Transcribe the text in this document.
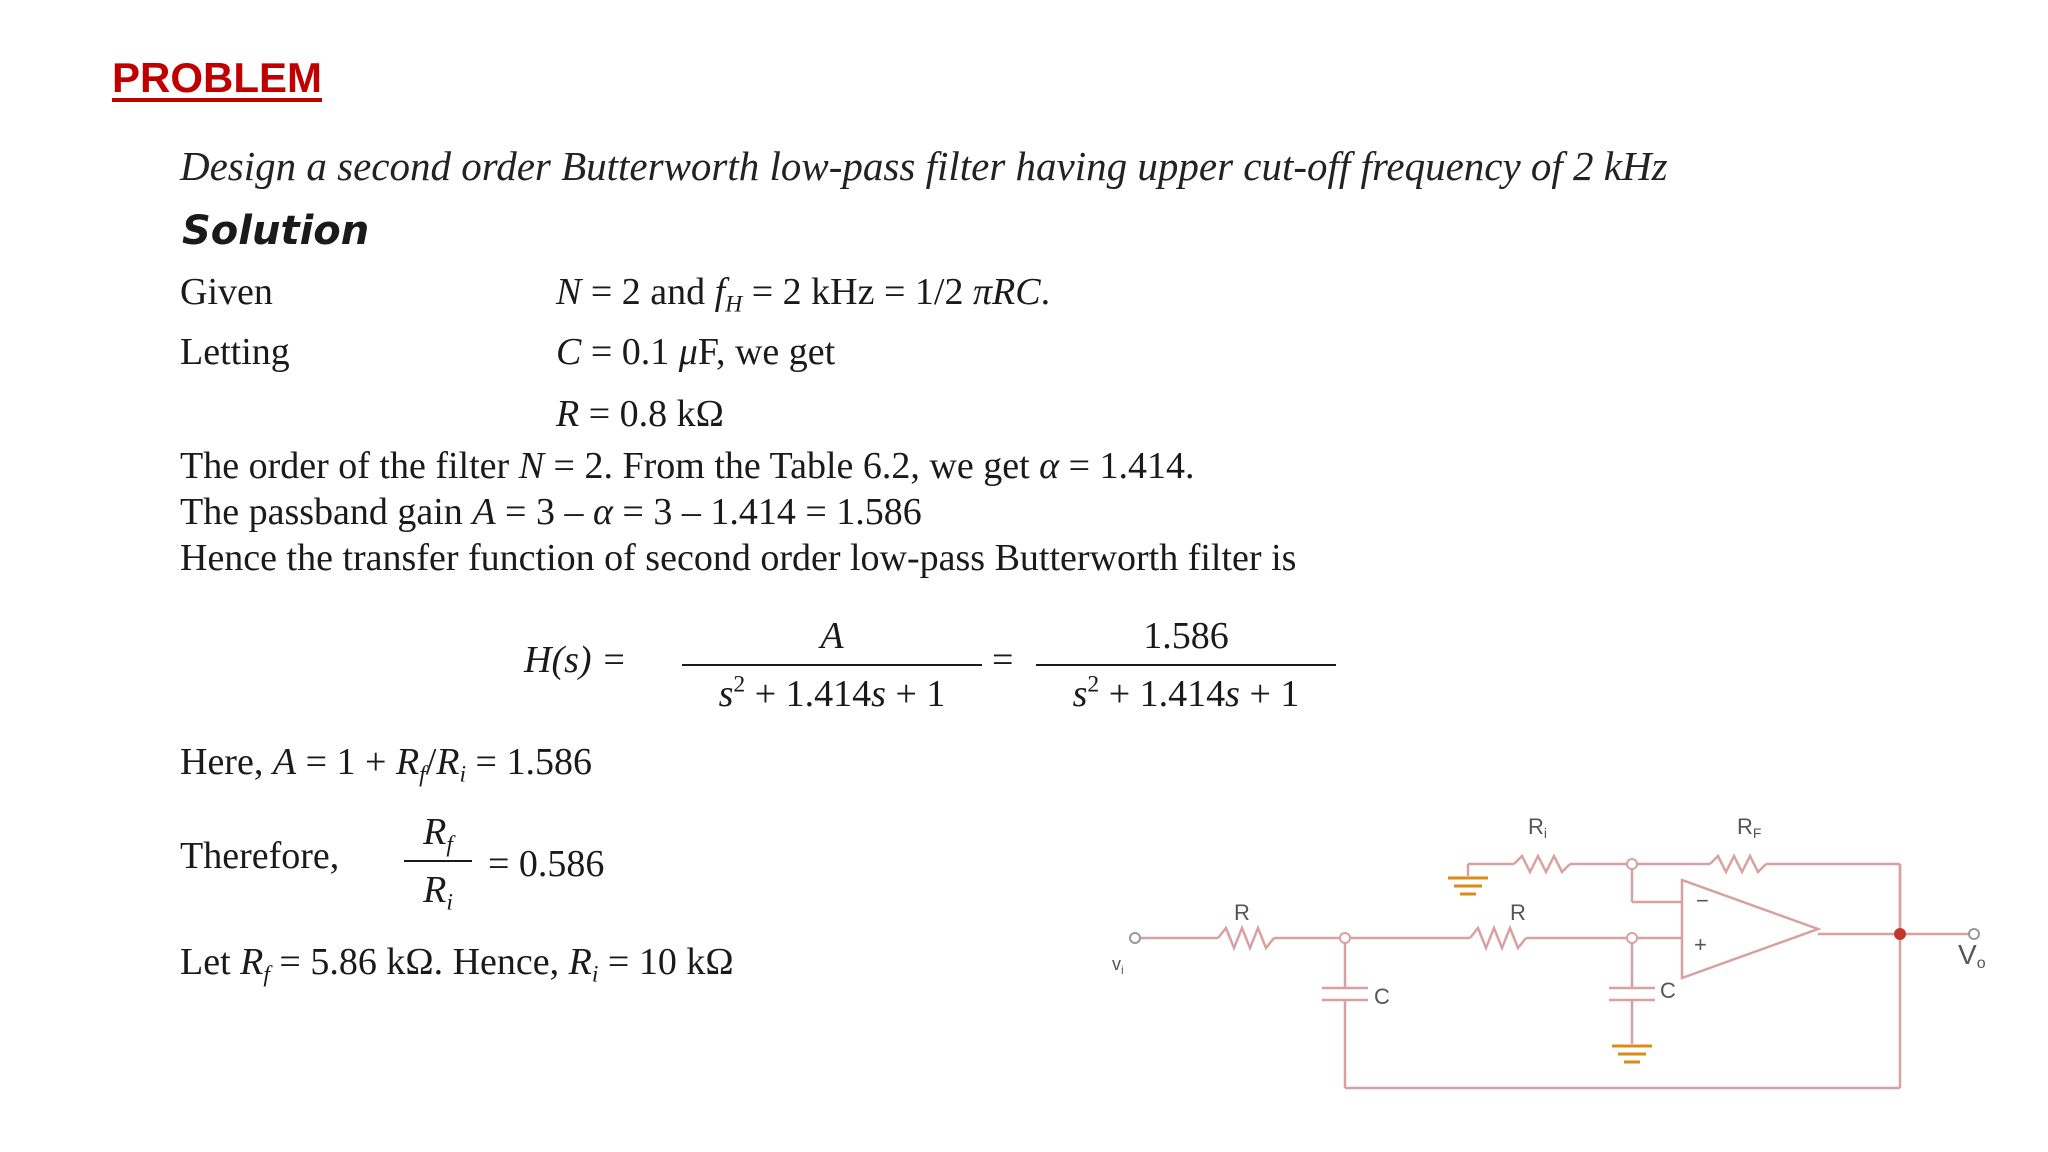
PROBLEM
Design a second order Butterworth low-pass filter having upper cut-off frequency of 2 kHz
Solution
Given	N = 2 and $f_H = 2$ kHz = 1/2 πRC.
Letting	C = 0.1 μF, we get
R = 0.8 kΩ
The order of the filter N = 2. From the Table 6.2, we get α = 1.414.
The passband gain A = 3 – α = 3 – 1.414 = 1.586
Hence the transfer function of second order low-pass Butterworth filter is
H(s) =
A
$s^2 + 1.414s + 1$
=
1.586
$s^2 + 1.414s + 1$
Here, $A = 1 + R_f/R_i = 1.586$
Therefore,
$R_f$
$R_i$
= 0.586
Let $R_f = 5.86$ kΩ. Hence, $R_i = 10$ kΩ
Ri	RF
R	R
C	C
$v_i$	Vo
−
+
